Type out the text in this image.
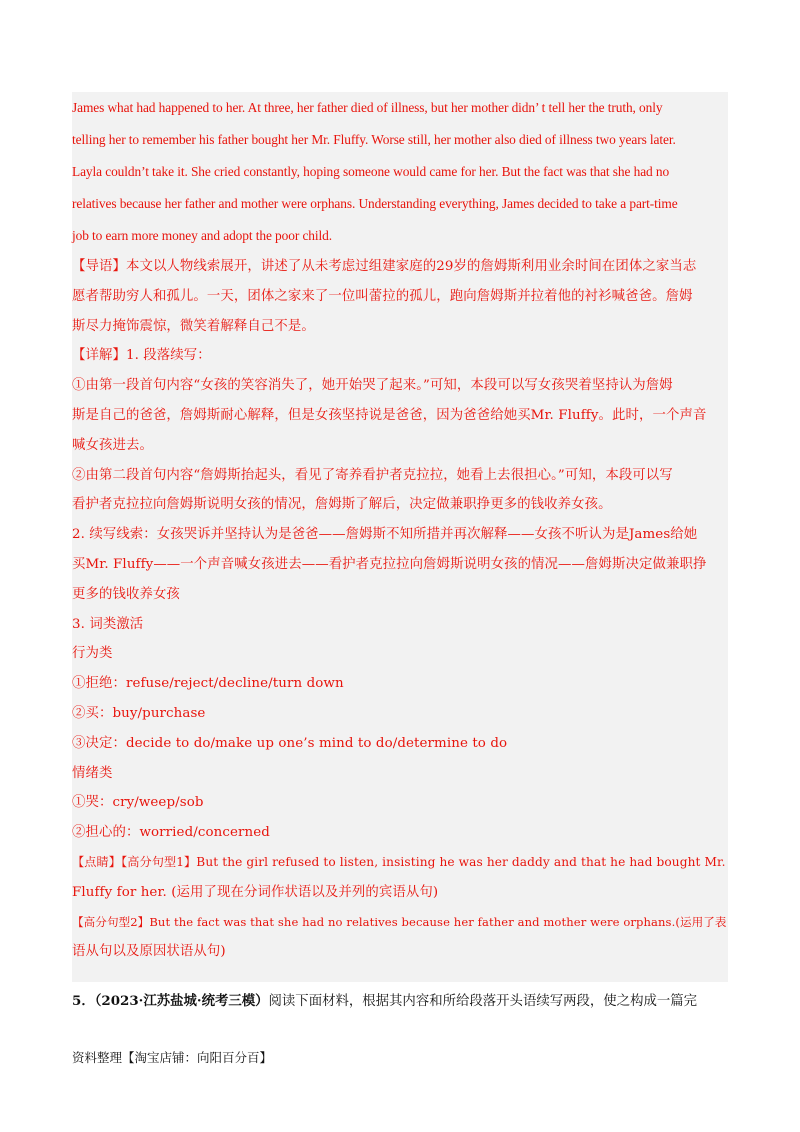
James what had happened to her. At three, her father died of illness, but her mother didn’ t tell her the truth, only
telling her to remember his father bought her Mr. Fluffy. Worse still, her mother also died of illness two years later.
Layla couldn’t take it. She cried constantly, hoping someone would came for her. But the fact was that she had no
relatives because her father and mother were orphans. Understanding everything, James decided to take a part-time
job to earn more money and adopt the poor child.
【导语】本文以人物线索展开，讲述了从未考虑过组建家庭的29岁的詹姆斯利用业余时间在团体之家当志
愿者帮助穷人和孤儿。一天，团体之家来了一位叫蕾拉的孤儿，跑向詹姆斯并拉着他的衬衫喊爸爸。詹姆
斯尽力掩饰震惊，微笑着解释自己不是。
【详解】1. 段落续写：
①由第一段首句内容“女孩的笑容消失了，她开始哭了起来。”可知，本段可以写女孩哭着坚持认为詹姆
斯是自己的爸爸，詹姆斯耐心解释，但是女孩坚持说是爸爸，因为爸爸给她买Mr. Fluffy。此时，一个声音
喊女孩进去。
②由第二段首句内容“詹姆斯抬起头，看见了寄养看护者克拉拉，她看上去很担心。”可知，本段可以写
看护者克拉拉向詹姆斯说明女孩的情况，詹姆斯了解后，决定做兼职挣更多的钱收养女孩。
2. 续写线索：女孩哭诉并坚持认为是爸爸——詹姆斯不知所措并再次解释——女孩不听认为是James给她
买Mr. Fluffy——一个声音喊女孩进去——看护者克拉拉向詹姆斯说明女孩的情况——詹姆斯决定做兼职挣
更多的钱收养女孩
3. 词类激活
行为类
①拒绝：refuse/reject/decline/turn down
②买：buy/purchase
③决定：decide to do/make up one’s mind to do/determine to do
情绪类
①哭：cry/weep/sob
②担心的：worried/concerned
【点睛】【高分句型1】But the girl refused to listen, insisting he was her daddy and that he had bought Mr.
Fluffy for her. (运用了现在分词作状语以及并列的宾语从句)
【高分句型2】But the fact was that she had no relatives because her father and mother were orphans.(运用了表
语从句以及原因状语从句)
5．（2023·江苏盐城·统考三模）阅读下面材料，根据其内容和所给段落开头语续写两段，使之构成一篇完
资料整理【淘宝店铺：向阳百分百】
